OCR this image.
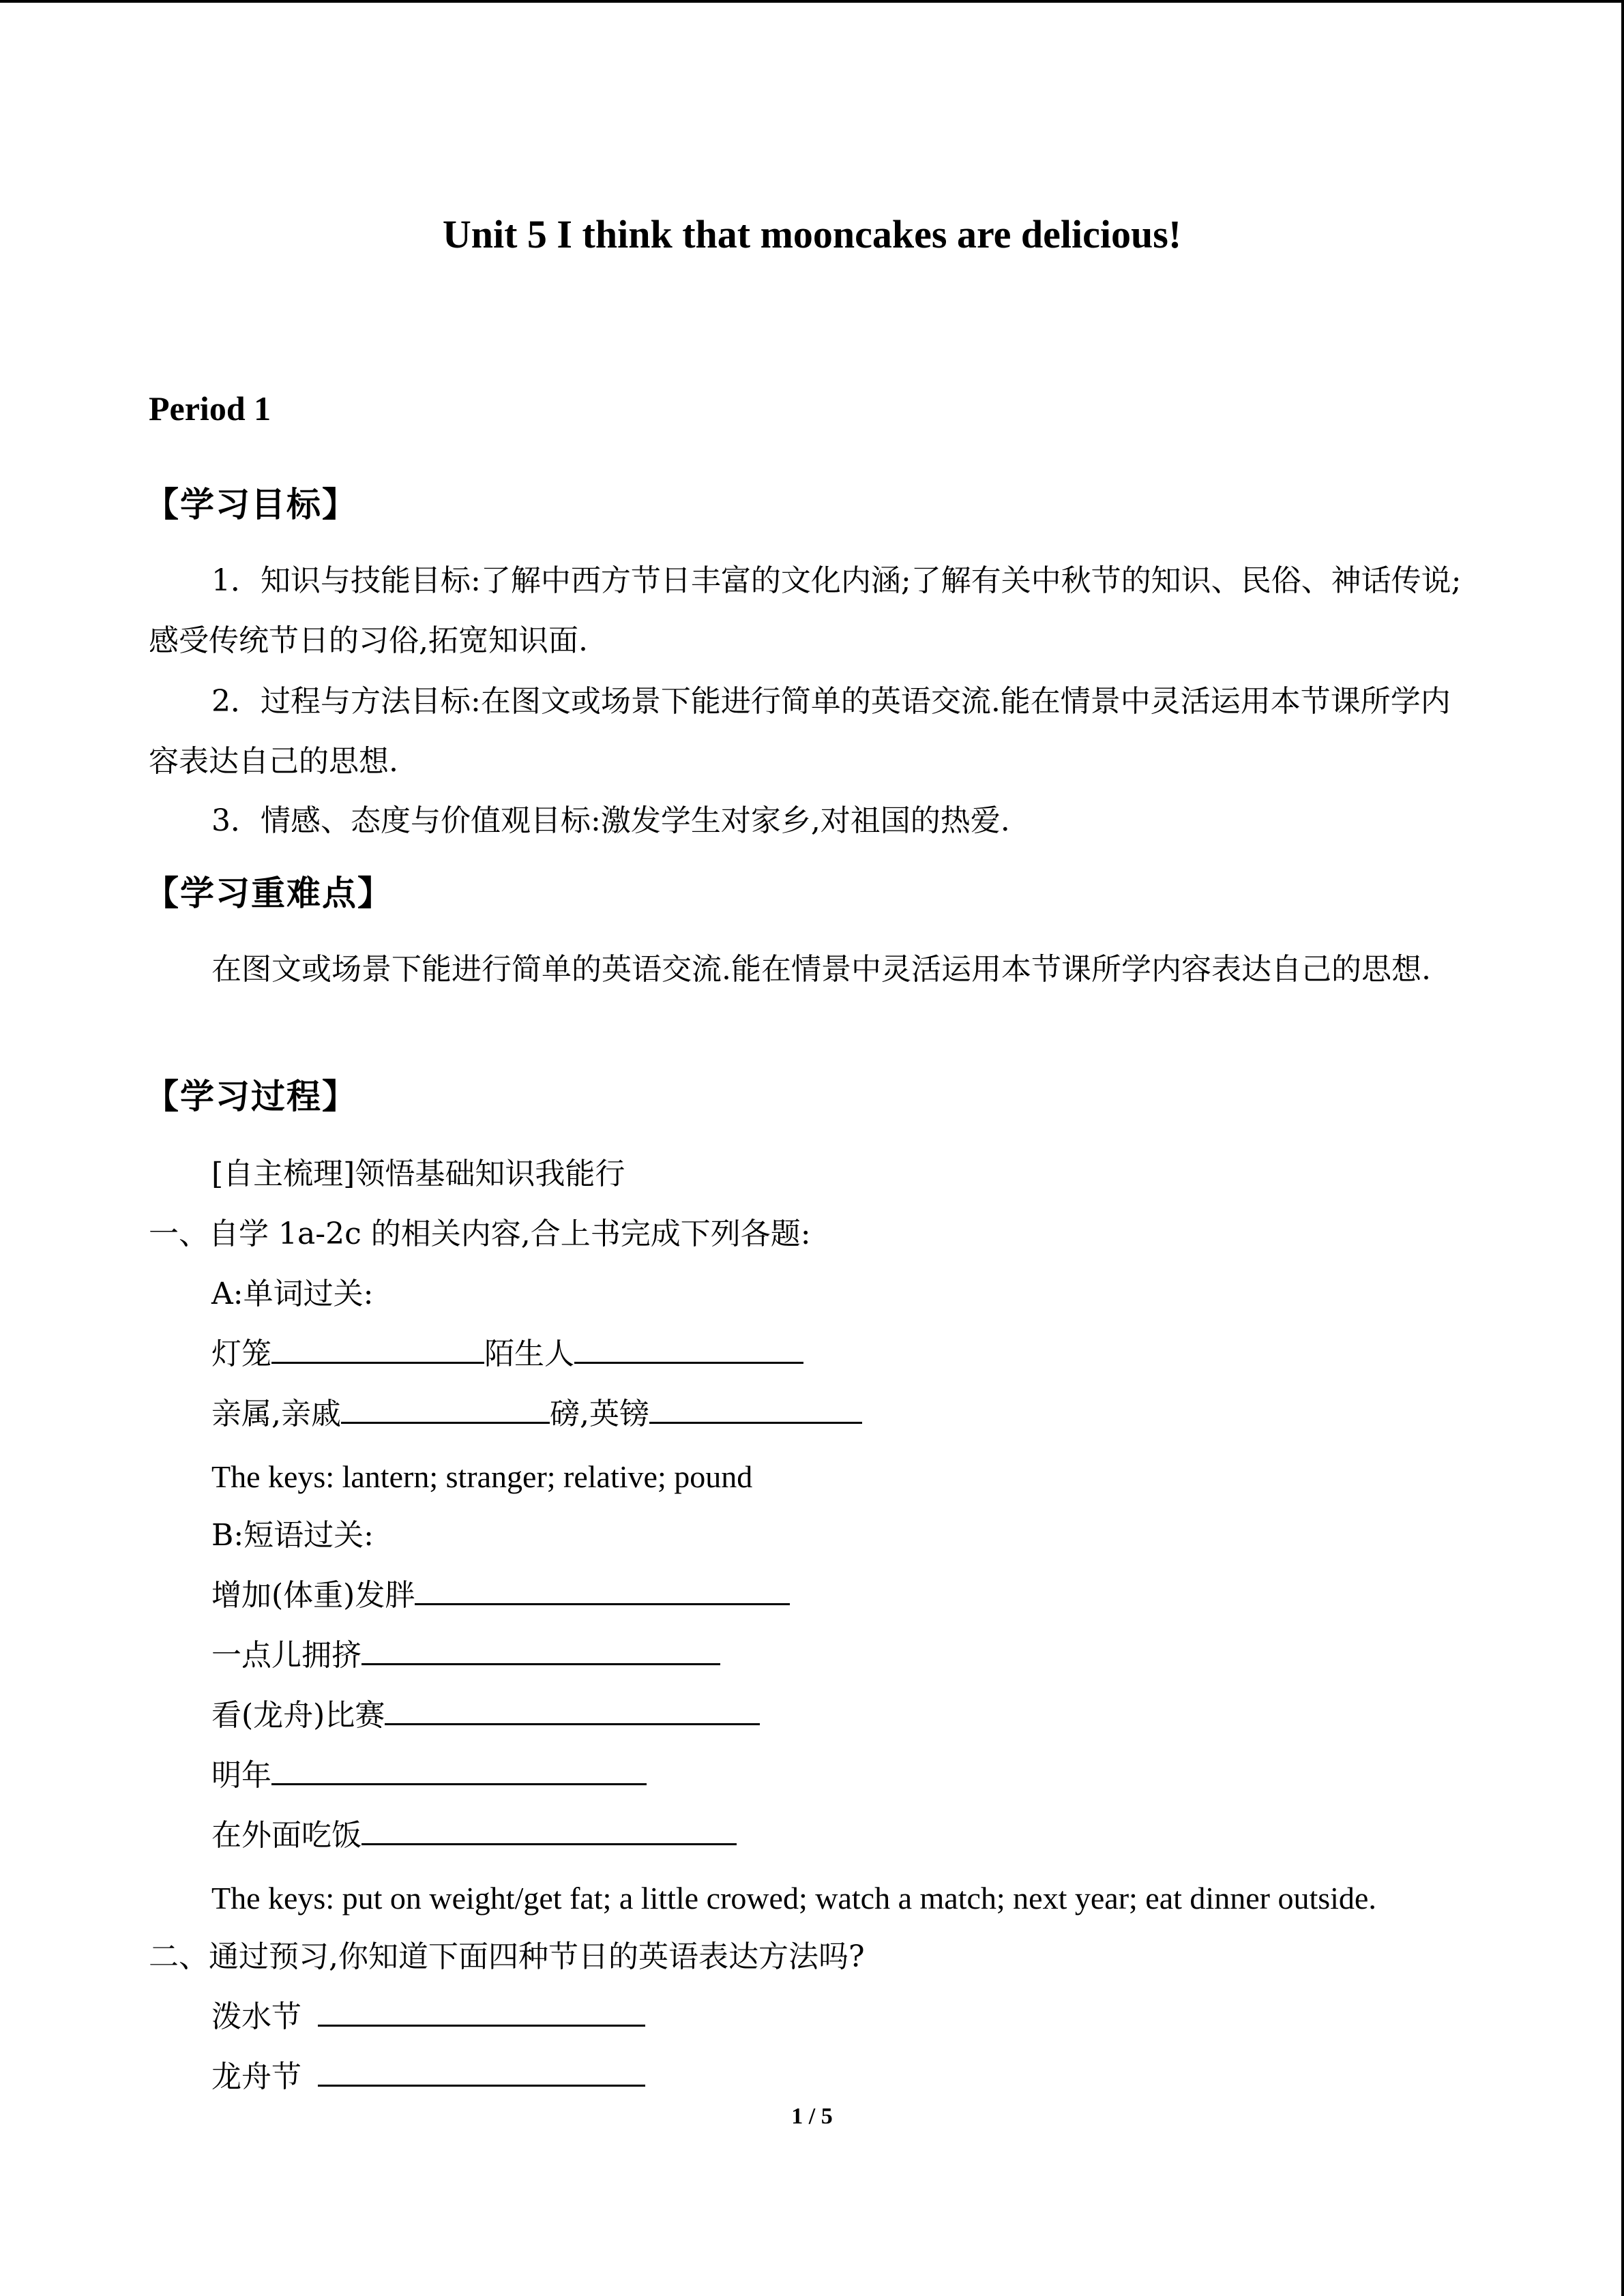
Unit 5 I think that mooncakes are delicious!
Period 1
【学习目标】
1．知识与技能目标:了解中西方节日丰富的文化内涵;了解有关中秋节的知识、民俗、神话传说;感受传统节日的习俗,拓宽知识面.
2．过程与方法目标:在图文或场景下能进行简单的英语交流.能在情景中灵活运用本节课所学内容表达自己的思想.
3．情感、态度与价值观目标:激发学生对家乡,对祖国的热爱.
【学习重难点】
在图文或场景下能进行简单的英语交流.能在情景中灵活运用本节课所学内容表达自己的思想.
【学习过程】
[自主梳理]领悟基础知识我能行
一、自学 1a-2c 的相关内容,合上书完成下列各题:
A:单词过关:
灯笼	陌生人
亲属,亲戚	磅,英镑
The keys: lantern; stranger; relative; pound
B:短语过关:
增加(体重)发胖
一点儿拥挤
看(龙舟)比赛
明年
在外面吃饭
The keys: put on weight/get fat; a little crowed; watch a match; next year; eat dinner outside.
二、通过预习,你知道下面四种节日的英语表达方法吗?
泼水节
龙舟节
1 / 5
